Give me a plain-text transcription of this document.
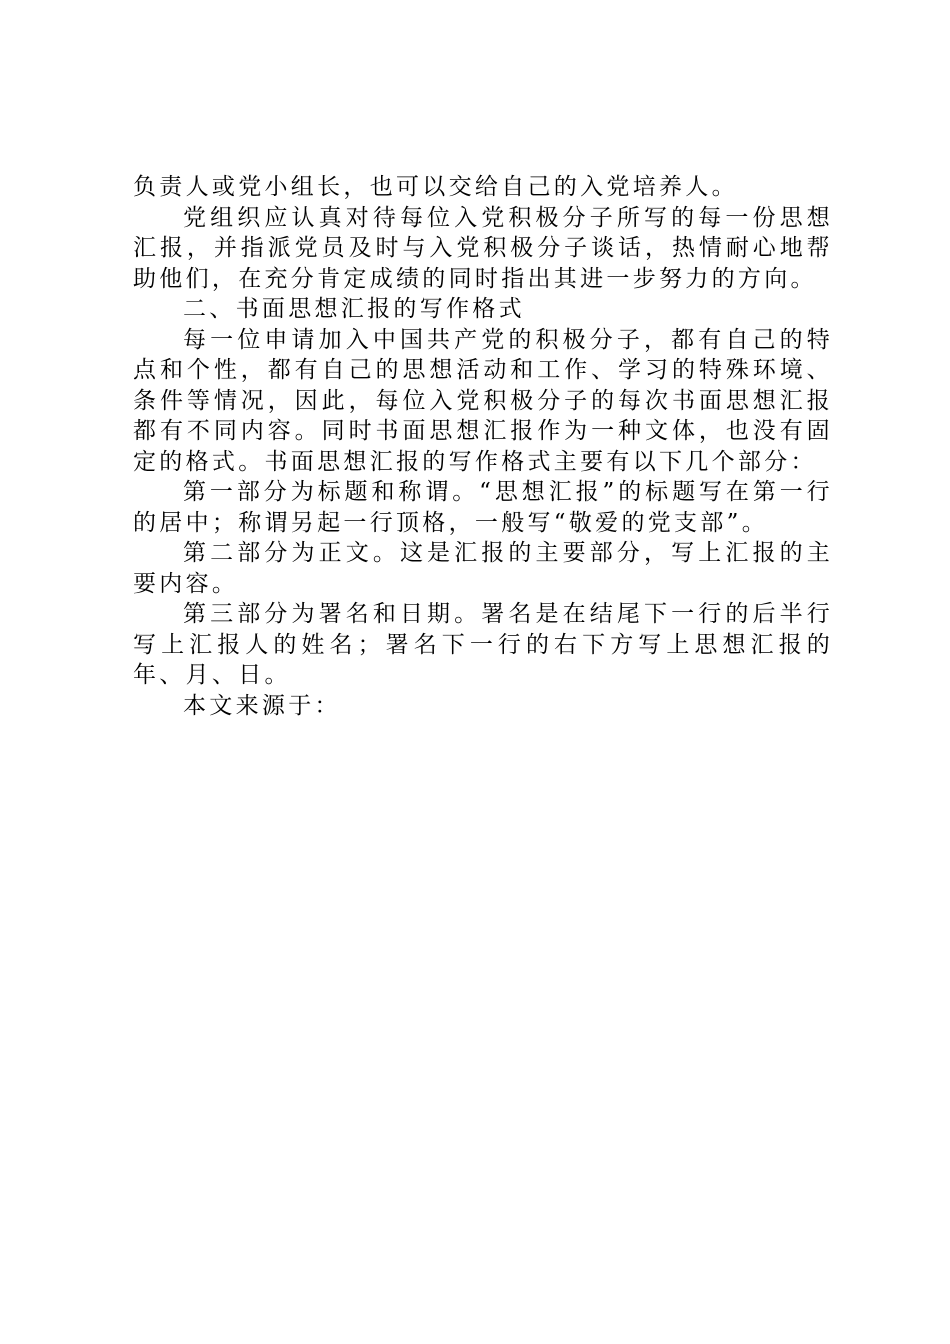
负责人或党小组长，也可以交给自己的入党培养人。

党组织应认真对待每位入党积极分子所写的每一份思想汇报，并指派党员及时与入党积极分子谈话，热情耐心地帮助他们，在充分肯定成绩的同时指出其进一步努力的方向。

二、书面思想汇报的写作格式

每一位申请加入中国共产党的积极分子，都有自己的特点和个性，都有自己的思想活动和工作、学习的特殊环境、条件等情况，因此，每位入党积极分子的每次书面思想汇报都有不同内容。同时书面思想汇报作为一种文体，也没有固定的格式。书面思想汇报的写作格式主要有以下几个部分：

第一部分为标题和称谓。“思想汇报”的标题写在第一行的居中；称谓另起一行顶格，一般写“敬爱的党支部”。

第二部分为正文。这是汇报的主要部分，写上汇报的主要内容。

第三部分为署名和日期。署名是在结尾下一行的后半行写上汇报人的姓名；署名下一行的右下方写上思想汇报的年、月、日。

本文来源于：
